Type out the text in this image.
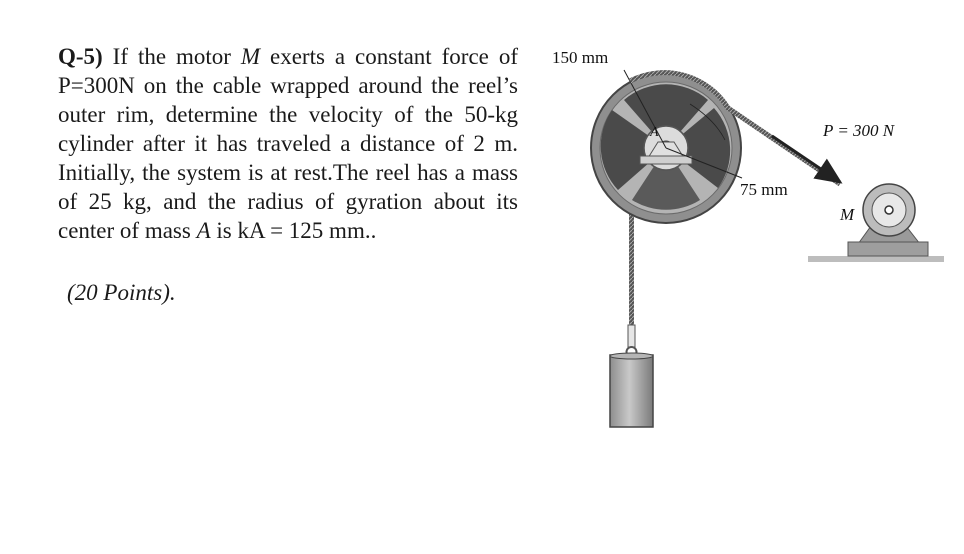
Q-5) If the motor M exerts a constant force of P=300N on the cable wrapped around the reel’s outer rim, determine the velocity of the 50-kg cylinder after it has traveled a distance of 2 m. Initially, the system is at rest.The reel has a mass of 25 kg, and the radius of gyration about its center of mass A is kA = 125 mm..
(20 Points).
150 mm
75 mm
A	P = 300 N
M
